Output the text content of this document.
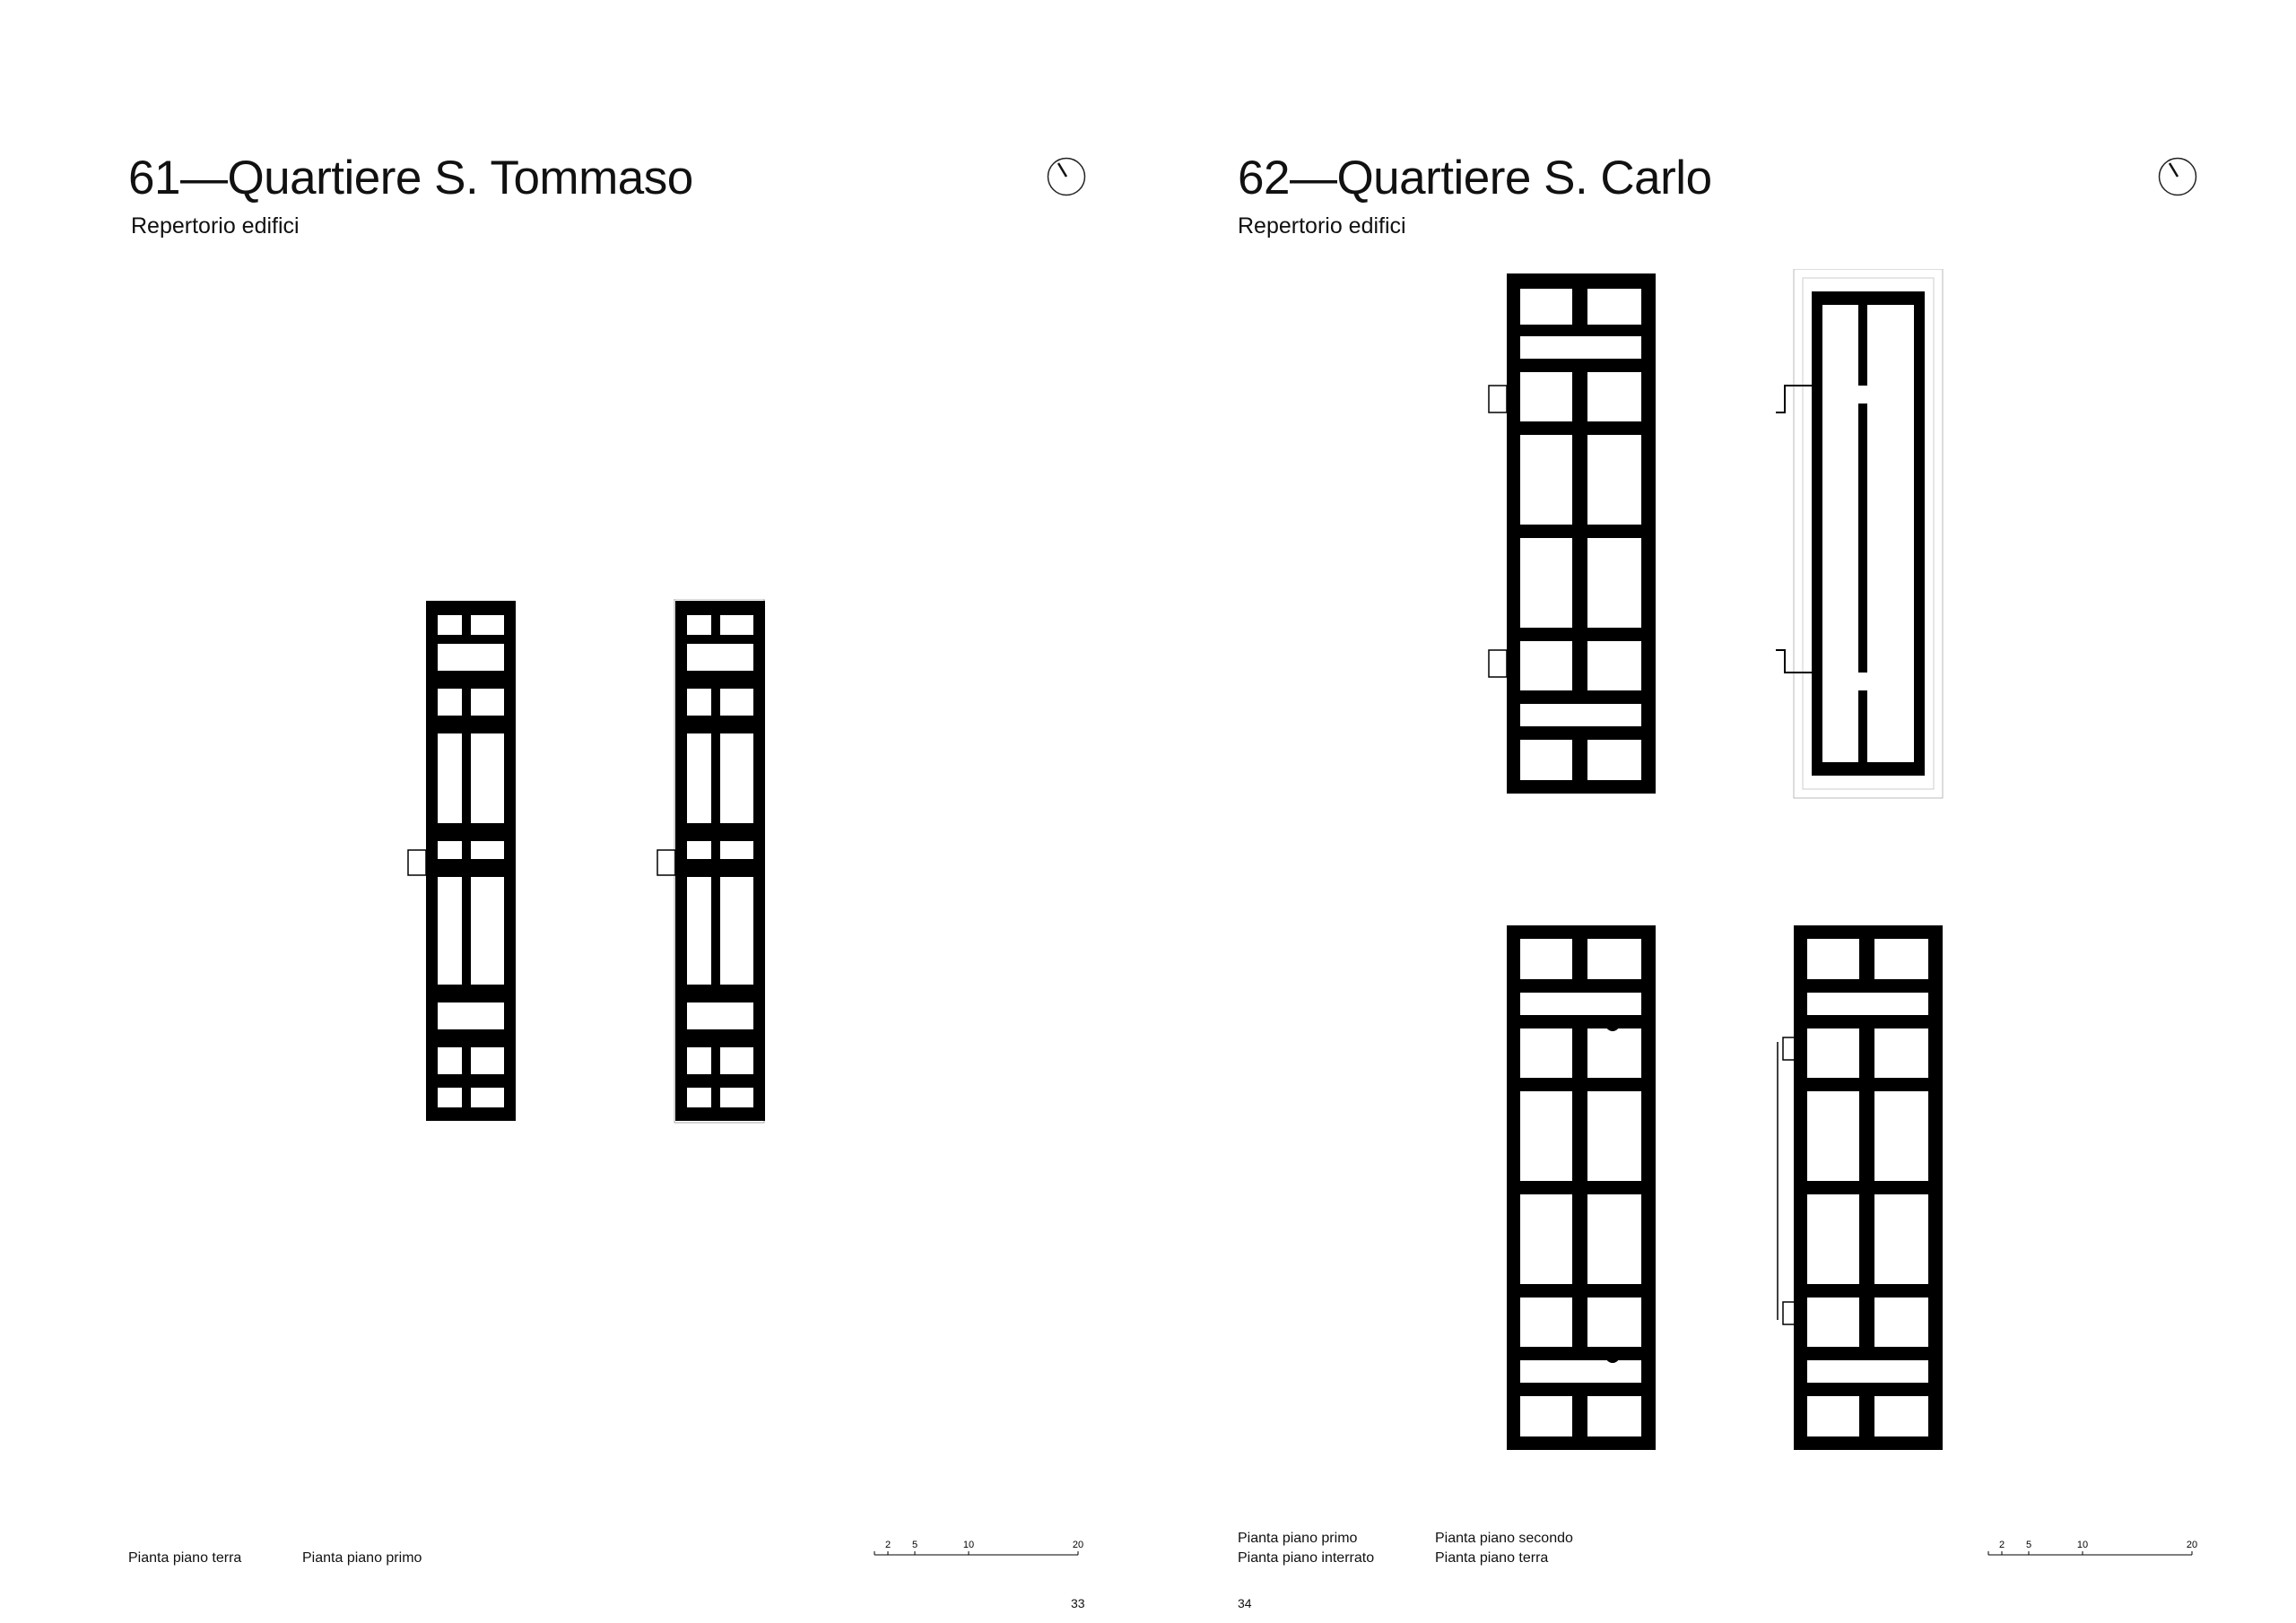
61—Quartiere S. Tommaso

Repertorio edifici

Pianta piano terra	Pianta piano primo
2 5	10	20
33
62—Quartiere S. Carlo

Repertorio edifici

Pianta piano primo
Pianta piano interrato
Pianta piano secondo
Pianta piano terra
2 5	10	20
34
